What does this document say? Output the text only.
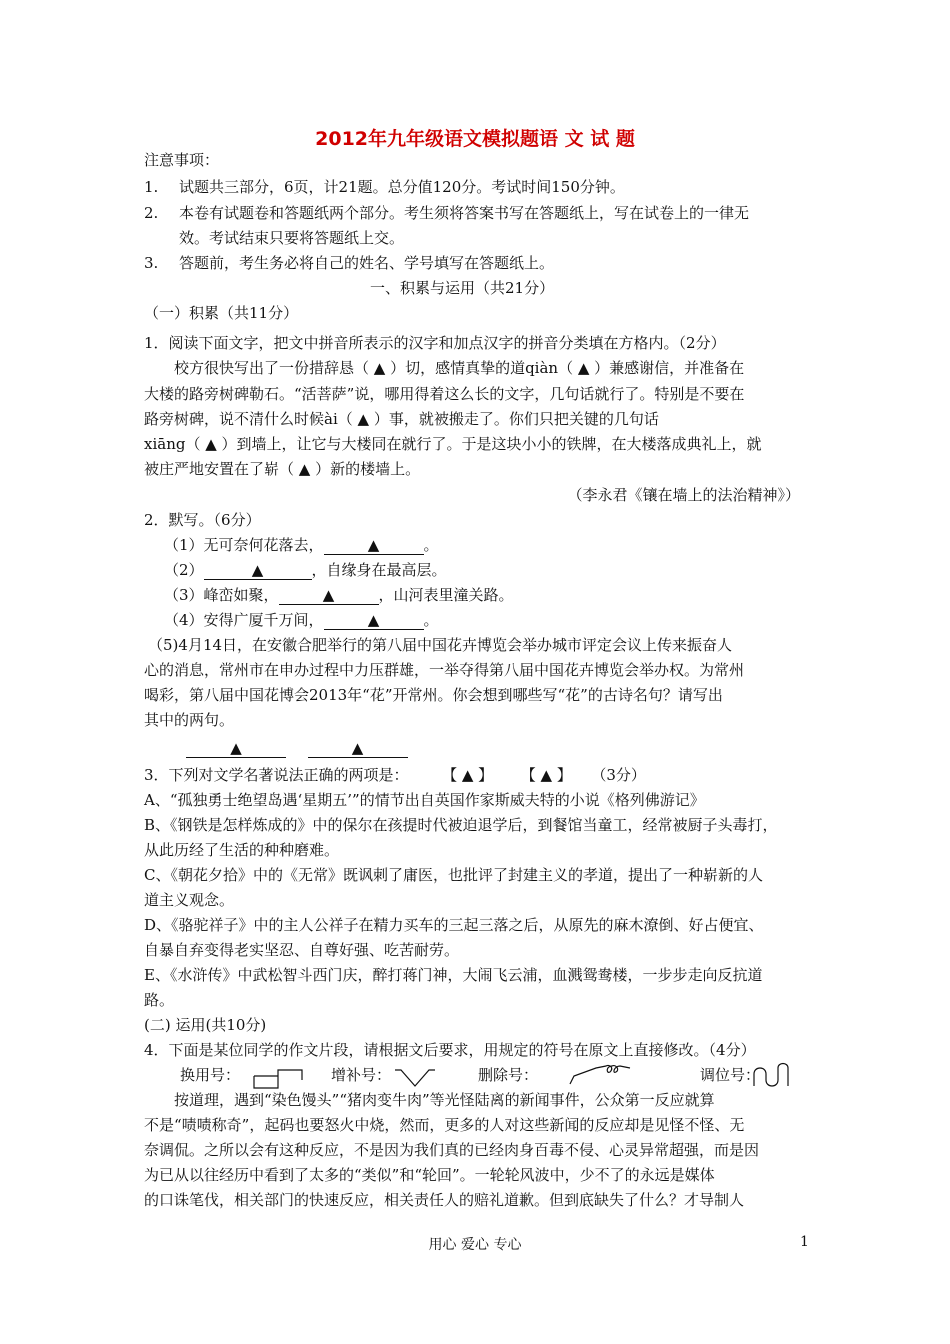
2012年九年级语文模拟题语 文 试 题
注意事项：
1. 试题共三部分，6页，计21题。总分值120分。考试时间150分钟。
2. 本卷有试题卷和答题纸两个部分。考生须将答案书写在答题纸上，写在试卷上的一律无
效。考试结束只要将答题纸上交。
3. 答题前，考生务必将自己的姓名、学号填写在答题纸上。
一、积累与运用（共21分）
（一）积累（共11分）
1．阅读下面文字，把文中拼音所表示的汉字和加点汉字的拼音分类填在方格内。（2分）
　　校方很快写出了一份措辞恳（ ▲ ）切，感情真挚的道qiàn（ ▲ ）兼感谢信，并准备在
大楼的路旁树碑勒石。“活菩萨”说，哪用得着这么长的文字，几句话就行了。特别是不要在
路旁树碑，说不清什么时候ài（ ▲ ）事，就被搬走了。你们只把关键的几句话
xiāng（ ▲ ）到墙上，让它与大楼同在就行了。于是这块小小的铁牌，在大楼落成典礼上，就
被庄严地安置在了崭（ ▲ ）新的楼墙上。
（李永君《镶在墙上的法治精神》）
2．默写。（6分）
（1）无可奈何花落去，	▲	。
（2）	▲	，自缘身在最高层。
（3）峰峦如聚，	▲	，山河表里潼关路。
（4）安得广厦千万间，	▲	。
（5)4月14日，在安徽合肥举行的第八届中国花卉博览会举办城市评定会议上传来振奋人
心的消息，常州市在申办过程中力压群雄，一举夺得第八届中国花卉博览会举办权。为常州
喝彩，第八届中国花博会2013年“花”开常州。你会想到哪些写“花”的古诗名句？请写出
其中的两句。
▲	▲
3．下列对文学名著说法正确的两项是： 【 ▲ 】 【 ▲ 】 （3分）
A、“孤独勇士绝望岛遇‘星期五’”的情节出自英国作家斯威夫特的小说《格列佛游记》
B、《钢铁是怎样炼成的》中的保尔在孩提时代被迫退学后，到餐馆当童工，经常被厨子头毒打，
从此历经了生活的种种磨难。
C、《朝花夕拾》中的《无常》既讽刺了庸医，也批评了封建主义的孝道，提出了一种崭新的人
道主义观念。
D、《骆驼祥子》中的主人公祥子在精力买车的三起三落之后，从原先的麻木潦倒、好占便宜、
自暴自弃变得老实坚忍、自尊好强、吃苦耐劳。
E、《水浒传》中武松智斗西门庆，醉打蒋门神，大闹飞云浦，血溅鸳鸯楼，一步步走向反抗道
路。
(二) 运用(共10分)
4．下面是某位同学的作文片段，请根据文后要求，用规定的符号在原文上直接修改。（4分）
换用号：	增补号：	删除号：	调位号：
　　按道理，遇到“染色馒头”“猪肉变牛肉”等光怪陆离的新闻事件，公众第一反应就算
不是“啧啧称奇”，起码也要怒火中烧，然而，更多的人对这些新闻的反应却是见怪不怪、无
奈调侃。之所以会有这种反应，不是因为我们真的已经肉身百毒不侵、心灵异常超强，而是因
为已从以往经历中看到了太多的“类似”和“轮回”。一轮轮风波中，少不了的永远是媒体
的口诛笔伐，相关部门的快速反应，相关责任人的赔礼道歉。但到底缺失了什么？才导制人
用心 爱心 专心	1
